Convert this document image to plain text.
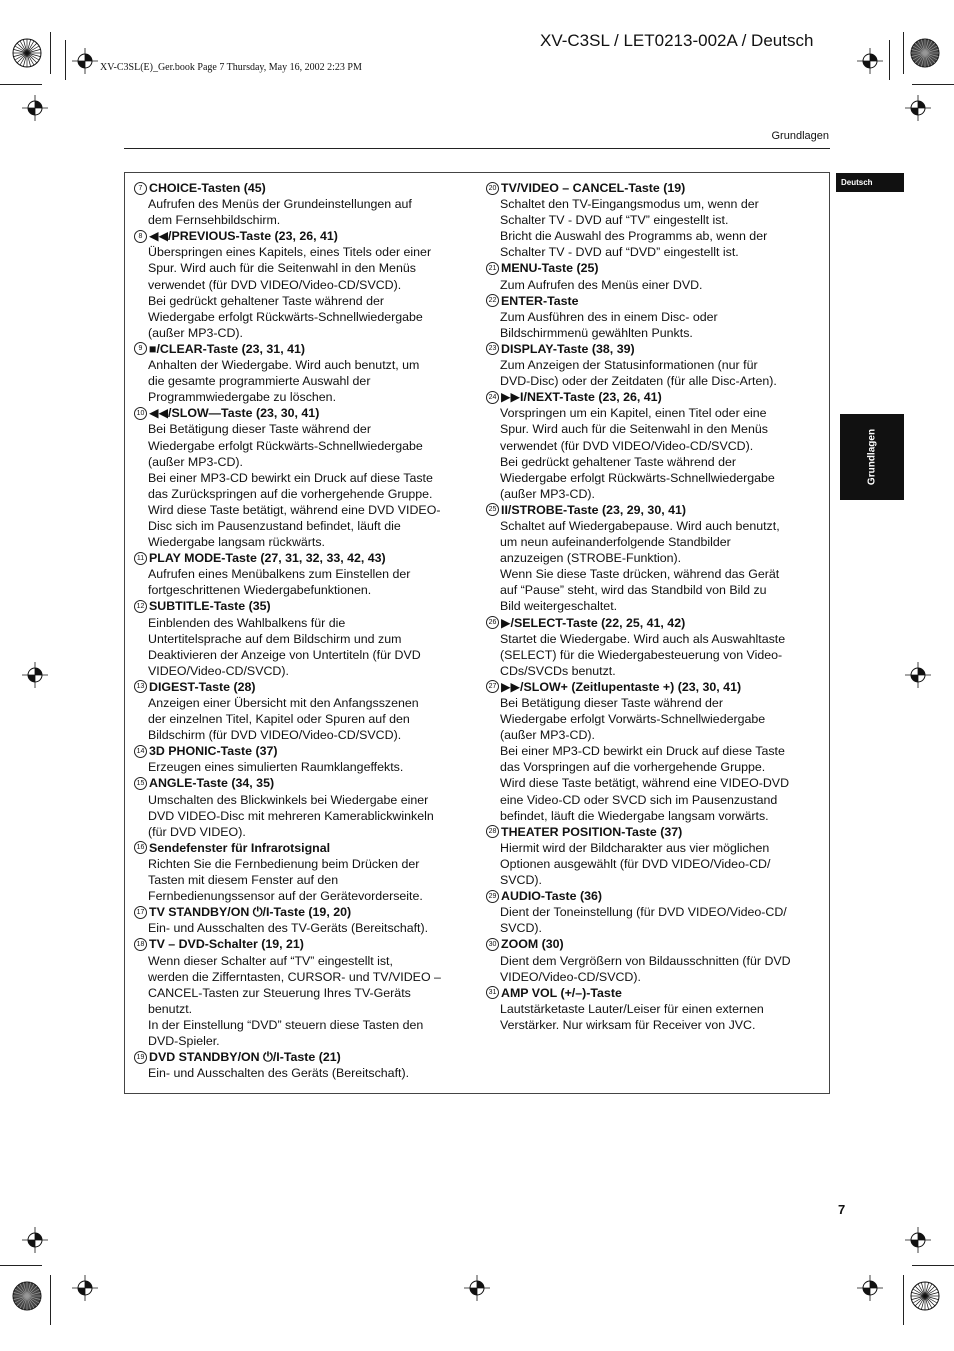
XV-C3SL / LET0213-002A / Deutsch
XV-C3SL(E)_Ger.book Page 7 Thursday, May 16, 2002 2:23 PM
Grundlagen
Deutsch
Grundlagen
7 CHOICE-Tasten (45)
Aufrufen des Menüs der Grundeinstellungen auf
dem Fernsehbildschirm.
8 ◀◀/PREVIOUS-Taste (23, 26, 41)
Überspringen eines Kapitels, eines Titels oder einer
Spur. Wird auch für die Seitenwahl in den Menüs
verwendet (für DVD VIDEO/Video-CD/SVCD).
Bei gedrückt gehaltener Taste während der
Wiedergabe erfolgt Rückwärts-Schnellwiedergabe
(außer MP3-CD).
9 ■/CLEAR-Taste (23, 31, 41)
Anhalten der Wiedergabe. Wird auch benutzt, um
die gesamte programmierte Auswahl der
Programmwiedergabe zu löschen.
10 ◀◀/SLOW—Taste (23, 30, 41)
Bei Betätigung dieser Taste während der
Wiedergabe erfolgt Rückwärts-Schnellwiedergabe
(außer MP3-CD).
Bei einer MP3-CD bewirkt ein Druck auf diese Taste
das Zurückspringen auf die vorhergehende Gruppe.
Wird diese Taste betätigt, während eine DVD VIDEO-
Disc sich im Pausenzustand befindet, läuft die
Wiedergabe langsam rückwärts.
11 PLAY MODE-Taste (27, 31, 32, 33, 42, 43)
Aufrufen eines Menübalkens zum Einstellen der
fortgeschrittenen Wiedergabefunktionen.
12 SUBTITLE-Taste (35)
Einblenden des Wahlbalkens für die
Untertitelsprache auf dem Bildschirm und zum
Deaktivieren der Anzeige von Untertiteln (für DVD
VIDEO/Video-CD/SVCD).
13 DIGEST-Taste (28)
Anzeigen einer Übersicht mit den Anfangsszenen
der einzelnen Titel, Kapitel oder Spuren auf den
Bildschirm (für DVD VIDEO/Video-CD/SVCD).
14 3D PHONIC-Taste (37)
Erzeugen eines simulierten Raumklangeffekts.
15 ANGLE-Taste (34, 35)
Umschalten des Blickwinkels bei Wiedergabe einer
DVD VIDEO-Disc mit mehreren Kamerablickwinkeln
(für DVD VIDEO).
16 Sendefenster für Infrarotsignal
Richten Sie die Fernbedienung beim Drücken der
Tasten mit diesem Fenster auf den
Fernbedienungssensor auf der Gerätevorderseite.
17 TV STANDBY/ON ⏻/I-Taste (19, 20)
Ein- und Ausschalten des TV-Geräts (Bereitschaft).
18 TV – DVD-Schalter (19, 21)
Wenn dieser Schalter auf “TV” eingestellt ist,
werden die Zifferntasten, CURSOR- und TV/VIDEO –
CANCEL-Tasten zur Steuerung Ihres TV-Geräts
benutzt.
In der Einstellung “DVD” steuern diese Tasten den
DVD-Spieler.
19 DVD STANDBY/ON ⏻/I-Taste (21)
Ein- und Ausschalten des Geräts (Bereitschaft).
20 TV/VIDEO – CANCEL-Taste (19)
Schaltet den TV-Eingangsmodus um, wenn der
Schalter TV - DVD auf “TV” eingestellt ist.
Bricht die Auswahl des Programms ab, wenn der
Schalter TV - DVD auf “DVD” eingestellt ist.
21 MENU-Taste (25)
Zum Aufrufen des Menüs einer DVD.
22 ENTER-Taste
Zum Ausführen des in einem Disc- oder
Bildschirmmenü gewählten Punkts.
23 DISPLAY-Taste (38, 39)
Zum Anzeigen der Statusinformationen (nur für
DVD-Disc) oder der Zeitdaten (für alle Disc-Arten).
24 ▶▶I/NEXT-Taste (23, 26, 41)
Vorspringen um ein Kapitel, einen Titel oder eine
Spur. Wird auch für die Seitenwahl in den Menüs
verwendet (für DVD VIDEO/Video-CD/SVCD).
Bei gedrückt gehaltener Taste während der
Wiedergabe erfolgt Rückwärts-Schnellwiedergabe
(außer MP3-CD).
25 II/STROBE-Taste (23, 29, 30, 41)
Schaltet auf Wiedergabepause. Wird auch benutzt,
um neun aufeinanderfolgende Standbilder
anzuzeigen (STROBE-Funktion).
Wenn Sie diese Taste drücken, während das Gerät
auf “Pause” steht, wird das Standbild von Bild zu
Bild weitergeschaltet.
26 ▶/SELECT-Taste (22, 25, 41, 42)
Startet die Wiedergabe. Wird auch als Auswahltaste
(SELECT) für die Wiedergabesteuerung von Video-
CDs/SVCDs benutzt.
27 ▶▶/SLOW+ (Zeitlupentaste +) (23, 30, 41)
Bei Betätigung dieser Taste während der
Wiedergabe erfolgt Vorwärts-Schnellwiedergabe
(außer MP3-CD).
Bei einer MP3-CD bewirkt ein Druck auf diese Taste
das Vorspringen auf die vorhergehende Gruppe.
Wird diese Taste betätigt, während eine VIDEO-DVD
eine Video-CD oder SVCD sich im Pausenzustand
befindet, läuft die Wiedergabe langsam vorwärts.
28 THEATER POSITION-Taste (37)
Hiermit wird der Bildcharakter aus vier möglichen
Optionen ausgewählt (für DVD VIDEO/Video-CD/
SVCD).
29 AUDIO-Taste (36)
Dient der Toneinstellung (für DVD VIDEO/Video-CD/
SVCD).
30 ZOOM (30)
Dient dem Vergrößern von Bildausschnitten (für DVD
VIDEO/Video-CD/SVCD).
31 AMP VOL (+/–)-Taste
Lautstärketaste Lauter/Leiser für einen externen
Verstärker. Nur wirksam für Receiver von JVC.
7
